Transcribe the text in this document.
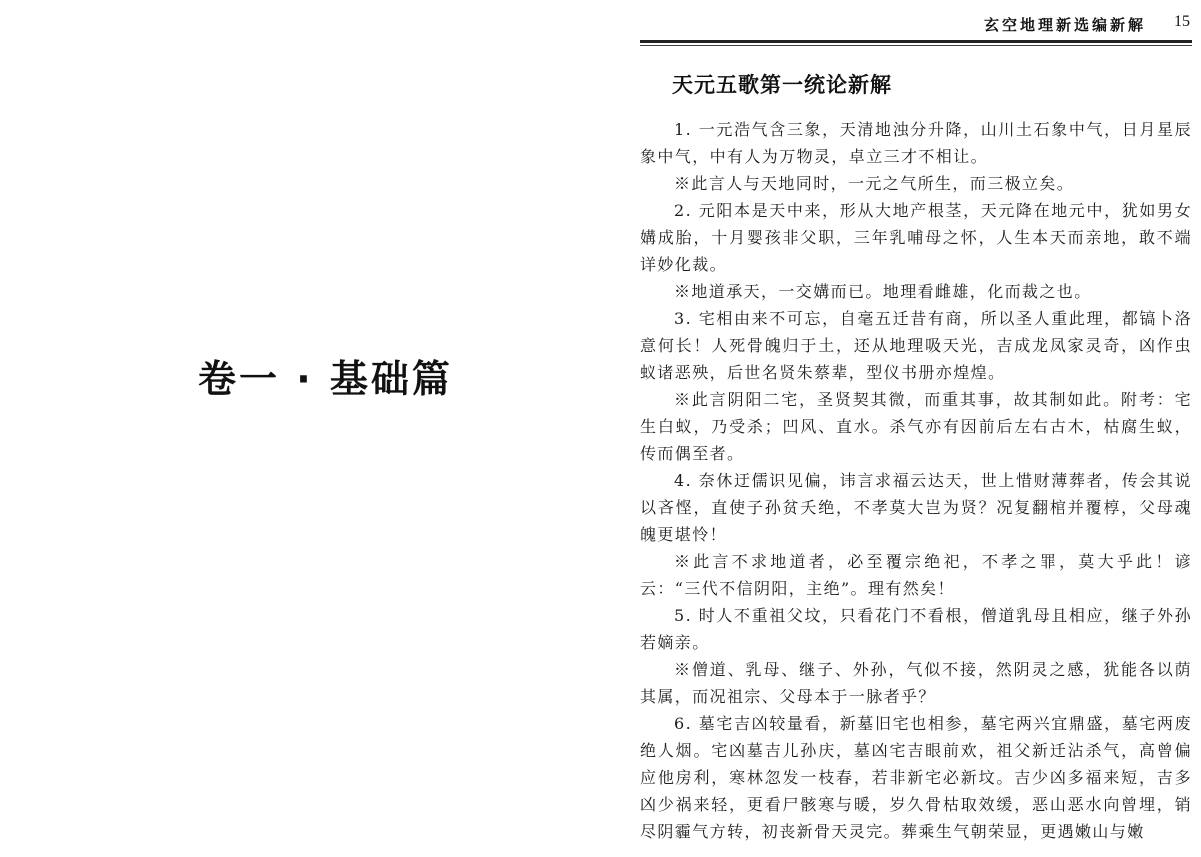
卷一 · 基础篇
玄空地理新选编新解 15
天元五歌第一统论新解

1. 一元浩气含三象，天清地浊分升降，山川土石象中气，日月星辰象中气，中有人为万物灵，卓立三才不相让。

※此言人与天地同时，一元之气所生，而三极立矣。

2. 元阳本是天中来，形从大地产根茎，天元降在地元中，犹如男女媾成胎，十月婴孩非父职，三年乳哺母之怀，人生本天而亲地，敢不端详妙化裁。

※地道承天，一交媾而已。地理看雌雄，化而裁之也。

3. 宅相由来不可忘，自毫五迁昔有商，所以圣人重此理，都镐卜洛意何长！人死骨魄归于土，还从地理吸天光，吉成龙凤家灵奇，凶作虫蚁诸恶殃，后世名贤朱蔡辈，型仪书册亦煌煌。

※此言阴阳二宅，圣贤契其微，而重其事，故其制如此。附考：宅生白蚁，乃受杀；凹风、直水。杀气亦有因前后左右古木，枯腐生蚁，传而偶至者。

4. 奈休迂儒识见偏，讳言求福云达天，世上惜财薄葬者，传会其说以吝悭，直使子孙贫夭绝，不孝莫大岂为贤？况复翻棺并覆椁，父母魂魄更堪怜！

※此言不求地道者，必至覆宗绝祀，不孝之罪，莫大乎此！谚云：“三代不信阴阳，主绝”。理有然矣！

5. 时人不重祖父坟，只看花门不看根，僧道乳母且相应，继子外孙若嫡亲。

※僧道、乳母、继子、外孙，气似不接，然阴灵之感，犹能各以荫其属，而况祖宗、父母本于一脉者乎？

6. 墓宅吉凶较量看，新墓旧宅也相参，墓宅两兴宜鼎盛，墓宅两废绝人烟。宅凶墓吉儿孙庆，墓凶宅吉眼前欢，祖父新迁沾杀气，高曾偏应他房利，寒林忽发一枝春，若非新宅必新坟。吉少凶多福来短，吉多凶少祸来轻，更看尸骸寒与暖，岁久骨枯取效缓，恶山恶水向曾埋，销尽阴霾气方转，初丧新骨天灵完。葬乘生气朝荣显，更遇嫩山与嫩
